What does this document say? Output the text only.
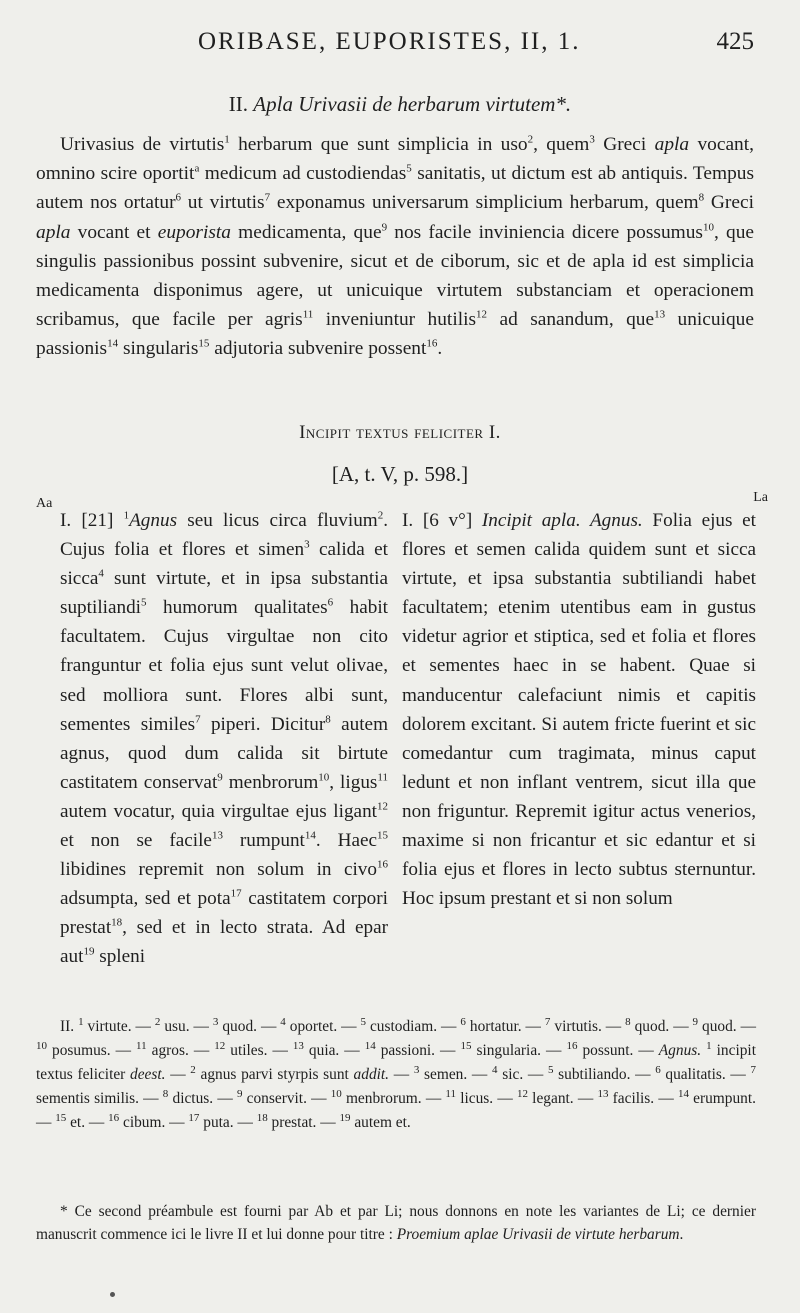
ORIBASE, EUPORISTES, II, 1.	425
II. Apla Urivasii de herbarum virtutem*.
Urivasius de virtutis$^1$ herbarum que sunt simplicia in uso$^2$, quem$^3$ Greci apla vocant, omnino scire oportit$^a$ medicum ad custodiendas$^5$ sanitatis, ut dictum est ab antiquis. Tempus autem nos ortatur$^6$ ut virtutis$^7$ exponamus universarum simplicium herbarum, quem$^8$ Greci apla vocant et euporista medicamenta, que$^9$ nos facile inviniencia dicere possumus$^{10}$, que singulis passionibus possint subvenire, sicut et de ciborum, sic et de apla id est simplicia medicamenta disponimus agere, ut unicuique virtutem substanciam et operacionem scribamus, que facile per agris$^{11}$ inveniuntur hutilis$^{12}$ ad sanandum, que$^{13}$ unicuique passionis$^{14}$ singularis$^{15}$ adjutoria subvenire possent$^{16}$.
Incipit textus feliciter I.
[A, t. V, p. 598.]
Aa	La
I. [21] $^1$Agnus seu licus circa fluvium$^2$. Cujus folia et flores et simen$^3$ calida et sicca$^4$ sunt virtute, et in ipsa substantia suptiliandi$^5$ humorum qualitates$^6$ habit facultatem. Cujus virgultae non cito franguntur et folia ejus sunt velut olivae, sed molliora sunt. Flores albi sunt, sementes similes$^7$ piperi. Dicitur$^8$ autem agnus, quod dum calida sit birtute castitatem conservat$^9$ menbrorum$^{10}$, ligus$^{11}$ autem vocatur, quia virgultae ejus ligant$^{12}$ et non se facile$^{13}$ rumpunt$^{14}$. Haec$^{15}$ libidines repremit non solum in civo$^{16}$ adsumpta, sed et pota$^{17}$ castitatem corpori prestat$^{18}$, sed et in lecto strata. Ad epar aut$^{19}$ spleni
I. [6 v°] Incipit apla. Agnus. Folia ejus et flores et semen calida quidem sunt et sicca virtute, et ipsa substantia subtiliandi habet facultatem; etenim utentibus eam in gustus videtur agrior et stiptica, sed et folia et flores et sementes haec in se habent. Quae si manducentur calefaciunt nimis et capitis dolorem excitant. Si autem fricte fuerint et sic comedantur cum tragimata, minus caput ledunt et non inflant ventrem, sicut illa que non friguntur. Repremit igitur actus venerios, maxime si non fricantur et sic edantur et si folia ejus et flores in lecto subtus sternuntur. Hoc ipsum prestant et si non solum
II. $^1$ virtute. — $^2$ usu. — $^3$ quod. — $^4$ oportet. — $^5$ custodiam. — $^6$ hortatur. — $^7$ virtutis. — $^8$ quod. — $^9$ quod. — $^{10}$ posumus. — $^{11}$ agros. — $^{12}$ utiles. — $^{13}$ quia. — $^{14}$ passioni. — $^{15}$ singularia. — $^{16}$ possunt. — Agnus. $^1$ incipit textus feliciter deest. — $^2$ agnus parvi styrpis sunt addit. — $^3$ semen. — $^4$ sic. — $^5$ subtiliando. — $^6$ qualitatis. — $^7$ sementis similis. — $^8$ dictus. — $^9$ conservit. — $^{10}$ menbrorum. — $^{11}$ licus. — $^{12}$ legant. — $^{13}$ facilis. — $^{14}$ erumpunt. — $^{15}$ et. — $^{16}$ cibum. — $^{17}$ puta. — $^{18}$ prestat. — $^{19}$ autem et.
* Ce second préambule est fourni par Ab et par Li; nous donnons en note les variantes de Li; ce dernier manuscrit commence ici le livre II et lui donne pour titre : Proemium aplae Urivasii de virtute herbarum.
